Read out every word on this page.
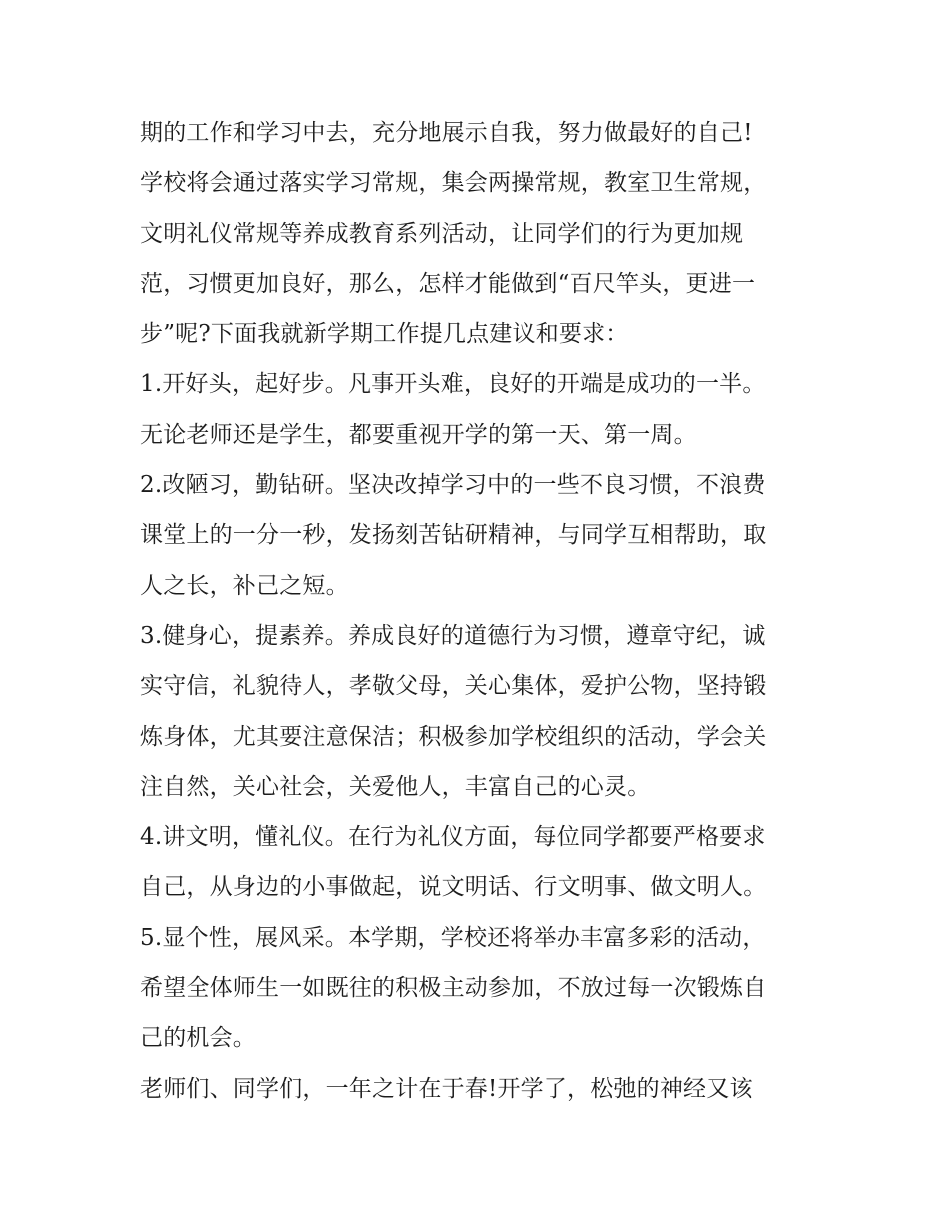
期的工作和学习中去，充分地展示自我，努力做最好的自己!
学校将会通过落实学习常规，集会两操常规，教室卫生常规，
文明礼仪常规等养成教育系列活动，让同学们的行为更加规
范，习惯更加良好，那么，怎样才能做到“百尺竿头，更进一
步”呢?下面我就新学期工作提几点建议和要求：
1.开好头，起好步。凡事开头难，良好的开端是成功的一半。
无论老师还是学生，都要重视开学的第一天、第一周。
2.改陋习，勤钻研。坚决改掉学习中的一些不良习惯，不浪费
课堂上的一分一秒，发扬刻苦钻研精神，与同学互相帮助，取
人之长，补己之短。
3.健身心，提素养。养成良好的道德行为习惯，遵章守纪，诚
实守信，礼貌待人，孝敬父母，关心集体，爱护公物，坚持锻
炼身体，尤其要注意保洁；积极参加学校组织的活动，学会关
注自然，关心社会，关爱他人，丰富自己的心灵。
4.讲文明，懂礼仪。在行为礼仪方面，每位同学都要严格要求
自己，从身边的小事做起，说文明话、行文明事、做文明人。
5.显个性，展风采。本学期，学校还将举办丰富多彩的活动，
希望全体师生一如既往的积极主动参加，不放过每一次锻炼自
己的机会。
老师们、同学们，一年之计在于春!开学了，松弛的神经又该
